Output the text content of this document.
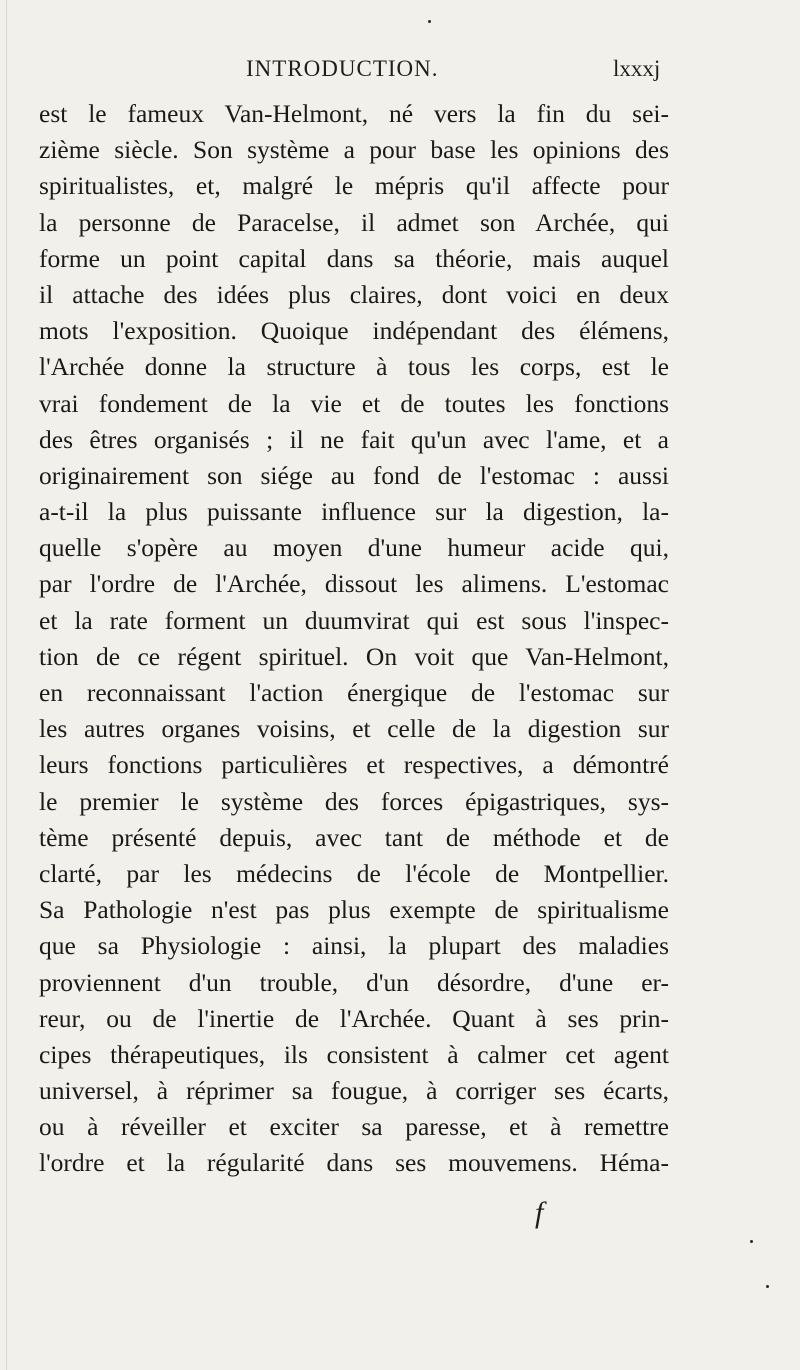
INTRODUCTION.	lxxxj
est le fameux Van-Helmont, né vers la fin du sei-
zième siècle. Son système a pour base les opinions des
spiritualistes, et, malgré le mépris qu'il affecte pour
la personne de Paracelse, il admet son Archée, qui
forme un point capital dans sa théorie, mais auquel
il attache des idées plus claires, dont voici en deux
mots l'exposition. Quoique indépendant des élémens,
l'Archée donne la structure à tous les corps, est le
vrai fondement de la vie et de toutes les fonctions
des êtres organisés ; il ne fait qu'un avec l'ame, et a
originairement son siége au fond de l'estomac : aussi
a-t-il la plus puissante influence sur la digestion, la-
quelle s'opère au moyen d'une humeur acide qui,
par l'ordre de l'Archée, dissout les alimens. L'estomac
et la rate forment un duumvirat qui est sous l'inspec-
tion de ce régent spirituel. On voit que Van-Helmont,
en reconnaissant l'action énergique de l'estomac sur
les autres organes voisins, et celle de la digestion sur
leurs fonctions particulières et respectives, a démontré
le premier le système des forces épigastriques, sys-
tème présenté depuis, avec tant de méthode et de
clarté, par les médecins de l'école de Montpellier.
Sa Pathologie n'est pas plus exempte de spiritualisme
que sa Physiologie : ainsi, la plupart des maladies
proviennent d'un trouble, d'un désordre, d'une er-
reur, ou de l'inertie de l'Archée. Quant à ses prin-
cipes thérapeutiques, ils consistent à calmer cet agent
universel, à réprimer sa fougue, à corriger ses écarts,
ou à réveiller et exciter sa paresse, et à remettre
l'ordre et la régularité dans ses mouvemens. Héma-
f
